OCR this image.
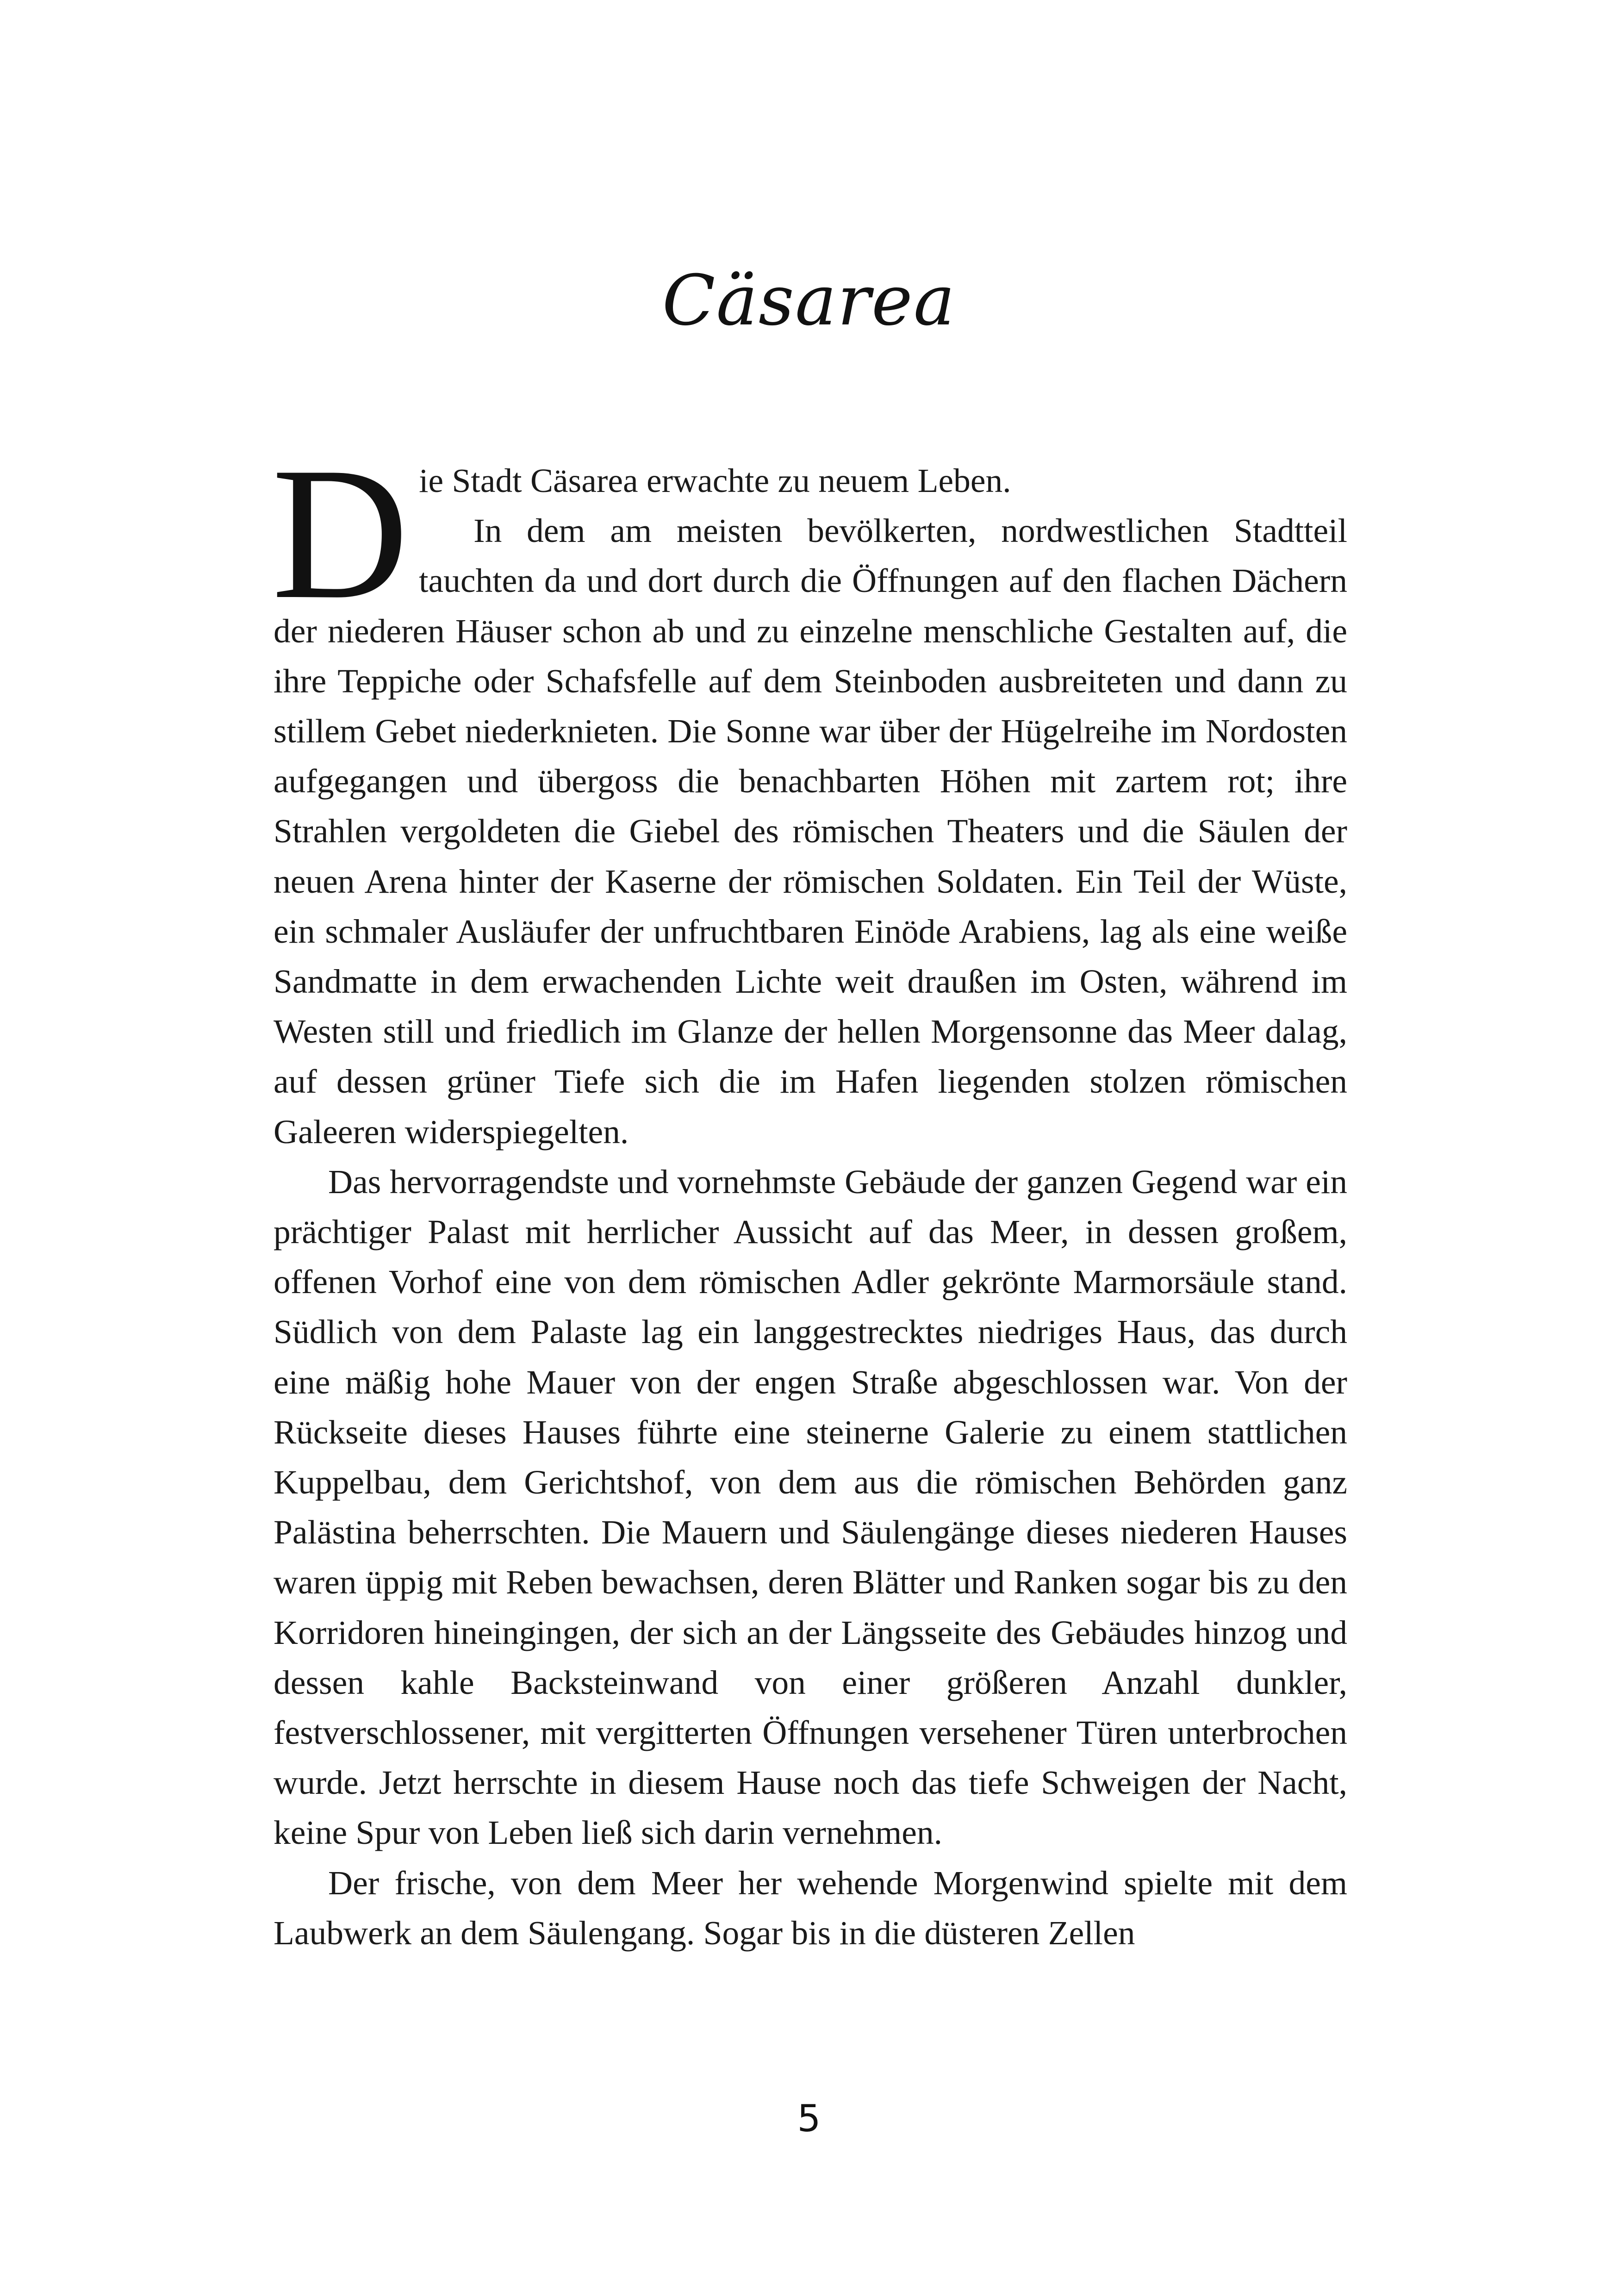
Cäsarea

D ie Stadt Cäsarea erwachte zu neuem Leben.
In dem am meisten bevölkerten, nordwestlichen Stadtteil tauchten da und dort durch die Öffnungen auf den flachen Dächern der niederen Häuser schon ab und zu einzelne menschliche Gestalten auf, die ihre Teppiche oder Schafsfelle auf dem Steinboden ausbreiteten und dann zu stillem Gebet niederknieten. Die Sonne war über der Hügelreihe im Nordosten aufgegangen und übergoss die benachbarten Höhen mit zartem rot; ihre Strahlen vergoldeten die Giebel des römischen Theaters und die Säulen der neuen Arena hinter der Kaserne der römischen Soldaten. Ein Teil der Wüste, ein schmaler Ausläufer der unfruchtbaren Einöde Arabiens, lag als eine weiße Sandmatte in dem erwachenden Lichte weit draußen im Osten, während im Westen still und friedlich im Glanze der hellen Morgensonne das Meer dalag, auf dessen grüner Tiefe sich die im Hafen liegenden stolzen römischen Galeeren widerspiegelten.

Das hervorragendste und vornehmste Gebäude der ganzen Gegend war ein prächtiger Palast mit herrlicher Aussicht auf das Meer, in dessen großem, offenen Vorhof eine von dem römischen Adler gekrönte Marmorsäule stand. Südlich von dem Palaste lag ein langgestrecktes niedriges Haus, das durch eine mäßig hohe Mauer von der engen Straße abgeschlossen war. Von der Rückseite dieses Hauses führte eine steinerne Galerie zu einem stattlichen Kuppelbau, dem Gerichtshof, von dem aus die römischen Behörden ganz Palästina beherrschten. Die Mauern und Säulengänge dieses niederen Hauses waren üppig mit Reben bewachsen, deren Blätter und Ranken sogar bis zu den Korridoren hineingingen, der sich an der Längsseite des Gebäudes hinzog und dessen kahle Backsteinwand von einer größeren Anzahl dunkler, festverschlossener, mit vergitterten Öffnungen versehener Türen unterbrochen wurde. Jetzt herrschte in diesem Hause noch das tiefe Schweigen der Nacht, keine Spur von Leben ließ sich darin vernehmen.

Der frische, von dem Meer her wehende Morgenwind spielte mit dem Laubwerk an dem Säulengang. Sogar bis in die düsteren Zellen

5
